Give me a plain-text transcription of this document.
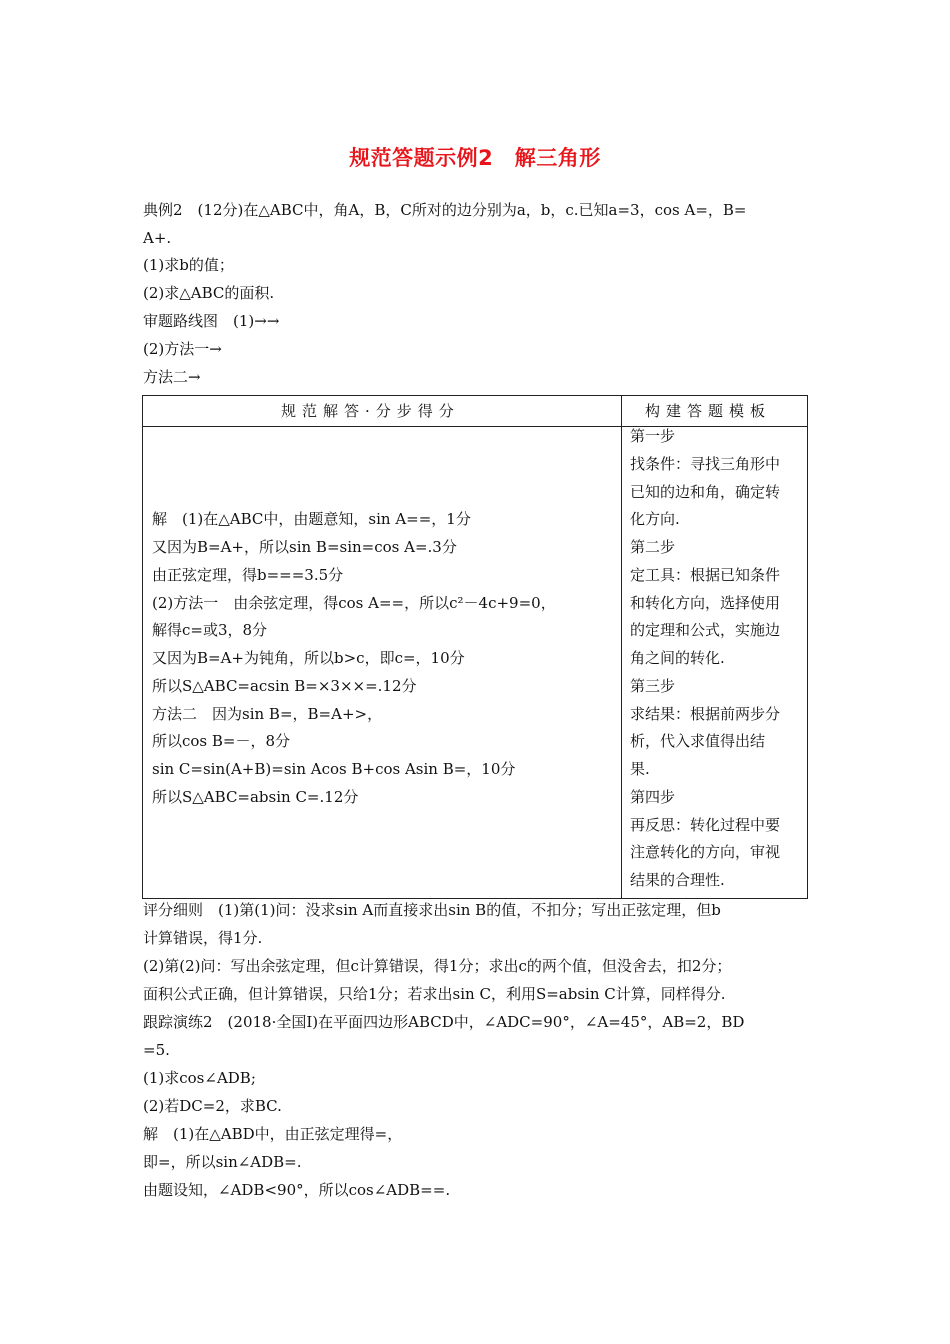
规范答题示例2　解三角形
典例2　(12分)在△ABC中，角A，B，C所对的边分别为a，b，c.已知a=3，cos A=，B=
A+.
(1)求b的值；
(2)求△ABC的面积.
审题路线图　(1)→→
(2)方法一→
方法二→
规范解答·分步得分	构建答题模板
解　(1)在△ABC中，由题意知，sin A==，1分
又因为B=A+，所以sin B=sin=cos A=.3分
由正弦定理，得b===3.5分
(2)方法一　由余弦定理，得cos A==，所以c²－4c+9=0，
解得c=或3，8分
又因为B=A+为钝角，所以b>c，即c=，10分
所以S△ABC=acsin B=×3××=.12分
方法二　因为sin B=，B=A+>，
所以cos B=－，8分
sin C=sin(A+B)=sin Acos B+cos Asin B=，10分
所以S△ABC=absin C=.12分
第一步
找条件：寻找三角形中
已知的边和角，确定转
化方向.
第二步
定工具：根据已知条件
和转化方向，选择使用
的定理和公式，实施边
角之间的转化.
第三步
求结果：根据前两步分
析，代入求值得出结
果.
第四步
再反思：转化过程中要
注意转化的方向，审视
结果的合理性.
评分细则　(1)第(1)问：没求sin A而直接求出sin B的值，不扣分；写出正弦定理，但b
计算错误，得1分.
(2)第(2)问：写出余弦定理，但c计算错误，得1分；求出c的两个值，但没舍去，扣2分；
面积公式正确，但计算错误，只给1分；若求出sin C，利用S=absin C计算，同样得分.
跟踪演练2　(2018·全国Ⅰ)在平面四边形ABCD中，∠ADC=90°，∠A=45°，AB=2，BD
=5.
(1)求cos∠ADB;
(2)若DC=2，求BC.
解　(1)在△ABD中，由正弦定理得=，
即=，所以sin∠ADB=.
由题设知，∠ADB<90°，所以cos∠ADB==.
